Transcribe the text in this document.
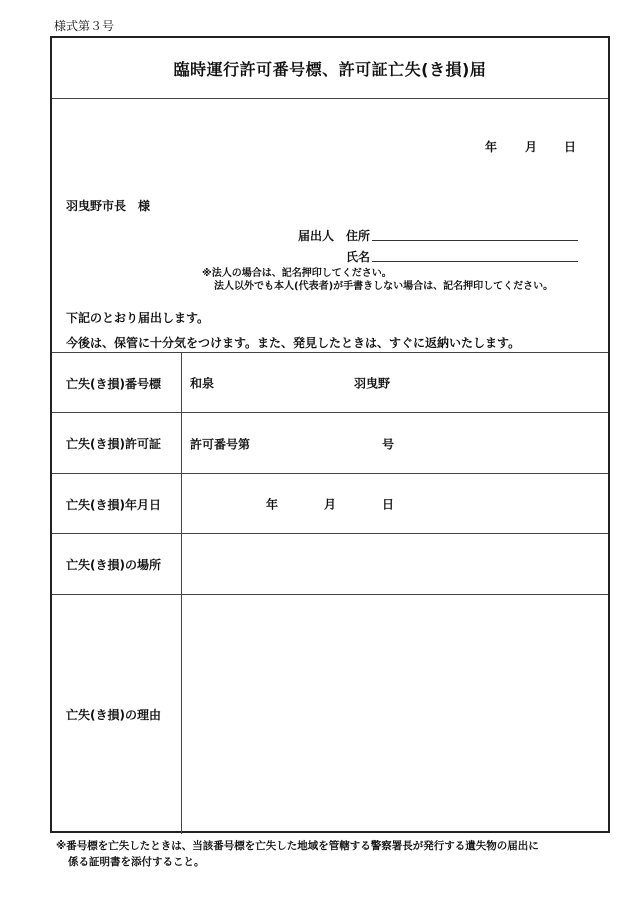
様式第３号
臨時運行許可番号標、許可証亡失(き損)届
年 月 日
羽曳野市長　様
届出人 住所
氏名
※法人の場合は、記名押印してください。
法人以外でも本人(代表者)が手書きしない場合は、記名押印してください。
下記のとおり届出します。
今後は、保管に十分気をつけます。また、発見したときは、すぐに返納いたします。
亡失(き損)番号標	和泉	羽曳野
亡失(き損)許可証	許可番号第	号
亡失(き損)年月日	年	月	日
亡失(き損)の場所
亡失(き損)の理由
※番号標を亡失したときは、当該番号標を亡失した地域を管轄する警察署長が発行する遺失物の届出に
係る証明書を添付すること。
